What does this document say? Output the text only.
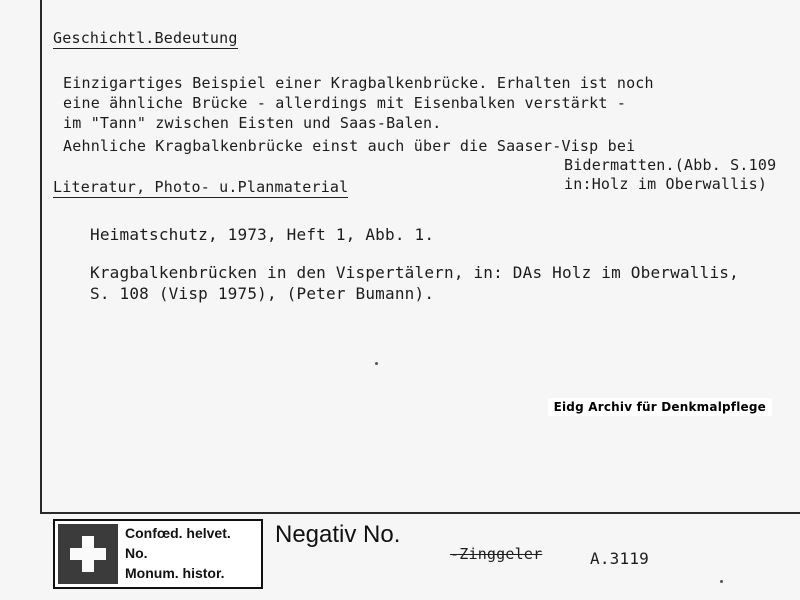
Geschichtl.Bedeutung
Einzigartiges Beispiel einer Kragbalkenbrücke. Erhalten ist noch
eine ähnliche Brücke - allerdings mit Eisenbalken verstärkt -
im "Tann" zwischen Eisten und Saas-Balen.
Aehnliche Kragbalkenbrücke einst auch über die Saaser-Visp bei
Bidermatten.(Abb. S.109
in:Holz im Oberwallis)
Literatur, Photo- u.Planmaterial
Heimatschutz, 1973, Heft 1, Abb. 1.
Kragbalkenbrücken in den Vispertälern, in: DAs Holz im Oberwallis,
S. 108 (Visp 1975), (Peter Bumann).
Eidg Archiv für Denkmalpflege
Confœd. helvet.
No.
Monum. histor.
Negativ No.
-Zinggeler	A.3119
